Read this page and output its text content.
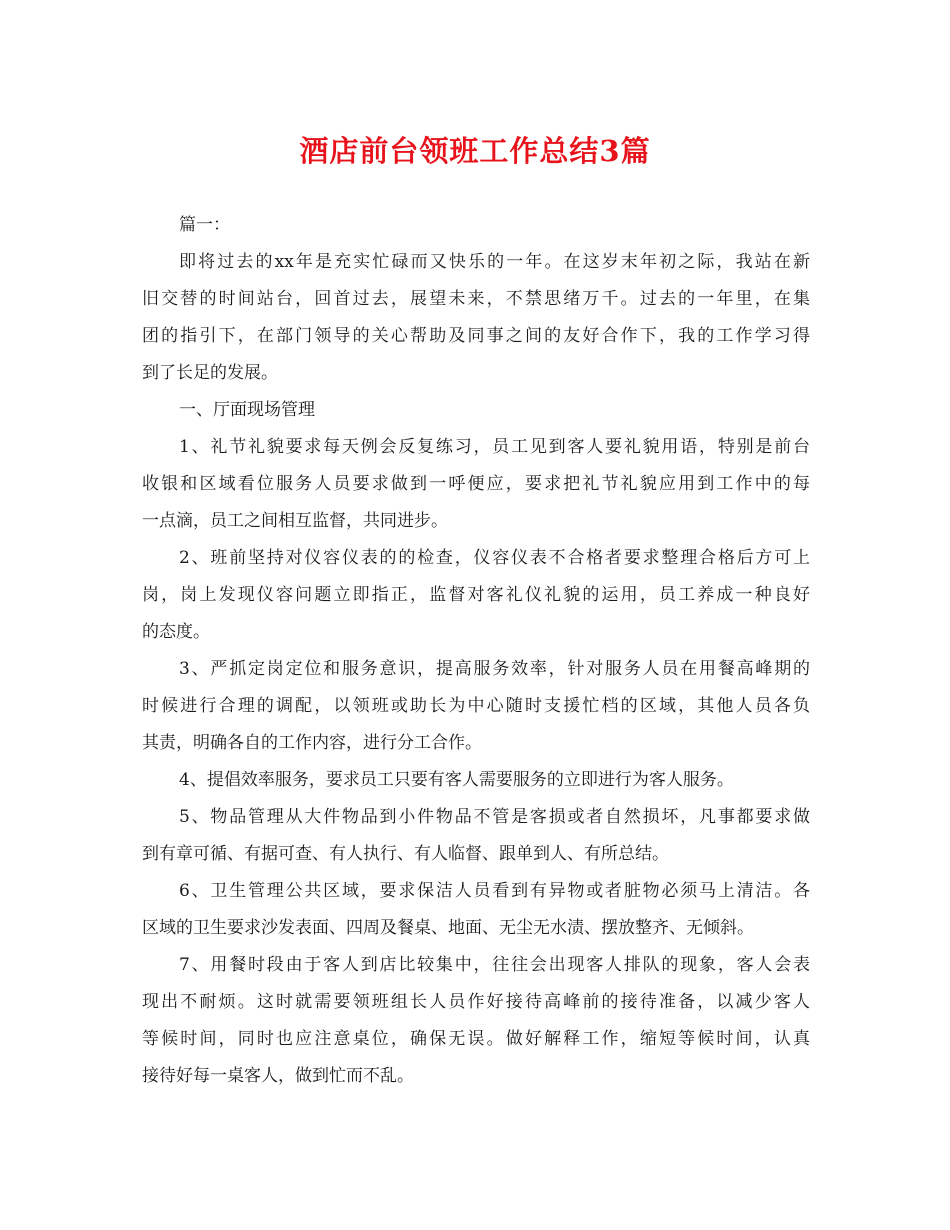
酒店前台领班工作总结3篇
篇一：
即将过去的xx年是充实忙碌而又快乐的一年。在这岁末年初之际，我站在新
旧交替的时间站台，回首过去，展望未来，不禁思绪万千。过去的一年里，在集
团的指引下，在部门领导的关心帮助及同事之间的友好合作下，我的工作学习得
到了长足的发展。
一、厅面现场管理
1、礼节礼貌要求每天例会反复练习，员工见到客人要礼貌用语，特别是前台
收银和区域看位服务人员要求做到一呼便应，要求把礼节礼貌应用到工作中的每
一点滴，员工之间相互监督，共同进步。
2、班前坚持对仪容仪表的的检查，仪容仪表不合格者要求整理合格后方可上
岗，岗上发现仪容问题立即指正，监督对客礼仪礼貌的运用，员工养成一种良好
的态度。
3、严抓定岗定位和服务意识，提高服务效率，针对服务人员在用餐高峰期的
时候进行合理的调配，以领班或助长为中心随时支援忙档的区域，其他人员各负
其责，明确各自的工作内容，进行分工合作。
4、提倡效率服务，要求员工只要有客人需要服务的立即进行为客人服务。
5、物品管理从大件物品到小件物品不管是客损或者自然损坏，凡事都要求做
到有章可循、有据可查、有人执行、有人临督、跟单到人、有所总结。
6、卫生管理公共区域，要求保洁人员看到有异物或者脏物必须马上清洁。各
区域的卫生要求沙发表面、四周及餐桌、地面、无尘无水渍、摆放整齐、无倾斜。
7、用餐时段由于客人到店比较集中，往往会出现客人排队的现象，客人会表
现出不耐烦。这时就需要领班组长人员作好接待高峰前的接待准备，以减少客人
等候时间，同时也应注意桌位，确保无误。做好解释工作，缩短等候时间，认真
接待好每一桌客人，做到忙而不乱。
